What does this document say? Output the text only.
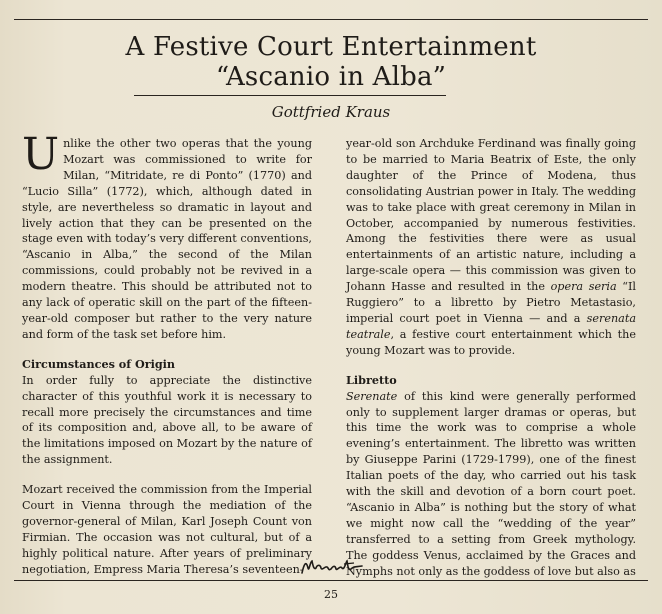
A Festive Court Entertainment
“Ascanio in Alba”
Gottfried Kraus

Unlike the other two operas that the young Mozart was commissioned to write for Milan, “Mitridate, re di Ponto” (1770) and “Lucio Silla” (1772), which, although dated in style, are nevertheless so dramatic in layout and lively action that they can be presented on the stage even with today’s very different conventions, “Ascanio in Alba,” the second of the Milan commissions, could probably not be revived in a modern theatre. This should be attributed not to any lack of operatic skill on the part of the fifteen-year-old composer but rather to the very nature and form of the task set before him.

Circumstances of Origin

In order fully to appreciate the distinctive character of this youthful work it is necessary to recall more precisely the circumstances and time of its composition and, above all, to be aware of the limitations imposed on Mozart by the nature of the assignment.

Mozart received the commission from the Imperial Court in Vienna through the mediation of the governor-general of Milan, Karl Joseph Count von Firmian. The occasion was not cultural, but of a highly political nature. After years of preliminary negotiation, Empress Maria Theresa’s seventeen-

year-old son Archduke Ferdinand was finally going to be married to Maria Beatrix of Este, the only daughter of the Prince of Modena, thus consolidating Austrian power in Italy. The wedding was to take place with great ceremony in Milan in October, accompanied by numerous festivities. Among the festivities there were as usual entertainments of an artistic nature, including a large-scale opera — this commission was given to Johann Hasse and resulted in the opera seria “Il Ruggiero” to a libretto by Pietro Metastasio, imperial court poet in Vienna — and a serenata teatrale, a festive court entertainment which the young Mozart was to provide.

Libretto

Serenate of this kind were generally performed only to supplement larger dramas or operas, but this time the work was to comprise a whole evening’s entertainment. The libretto was written by Giuseppe Parini (1729-1799), one of the finest Italian poets of the day, who carried out his task with the skill and devotion of a born court poet. “Ascanio in Alba” is nothing but the story of what we might now call the “wedding of the year” transferred to a setting from Greek mythology. The goddess Venus, acclaimed by the Graces and Nymphs not only as the goddess of love but also as

25
